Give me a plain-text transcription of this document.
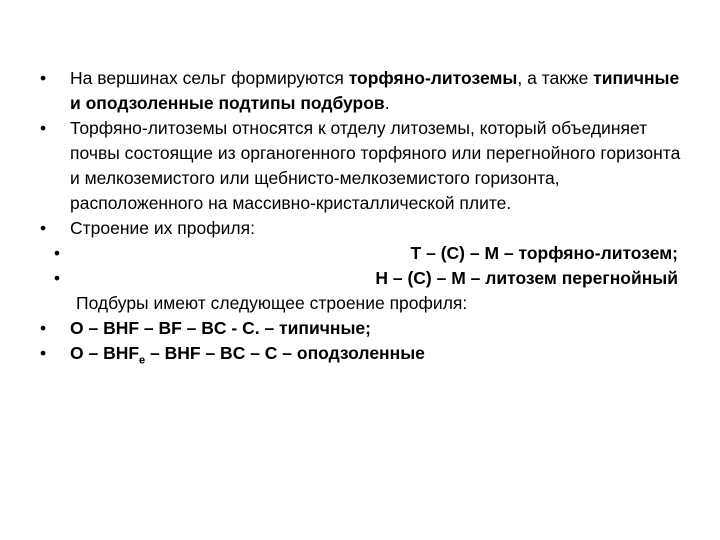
•	На вершинах сельг формируются торфяно-литоземы, а также типичные и оподзоленные подтипы подбуров.
•	Торфяно-литоземы относятся к отделу литоземы, который объединяет почвы состоящие из органогенного торфяного или перегнойного горизонта и мелкоземистого или щебнисто-мелкоземистого горизонта, расположенного на массивно-кристаллической плите.
•	Строение их профиля:
•	Т – (С) – М – торфяно-литозем;
•	Н – (С) – М – литозем перегнойный
Подбуры имеют следующее строение профиля:
•	О – BHF – BF – BC ‑ C. – типичные;
•	О – $BHF_e$ – BHF – BC – C – оподзоленные
